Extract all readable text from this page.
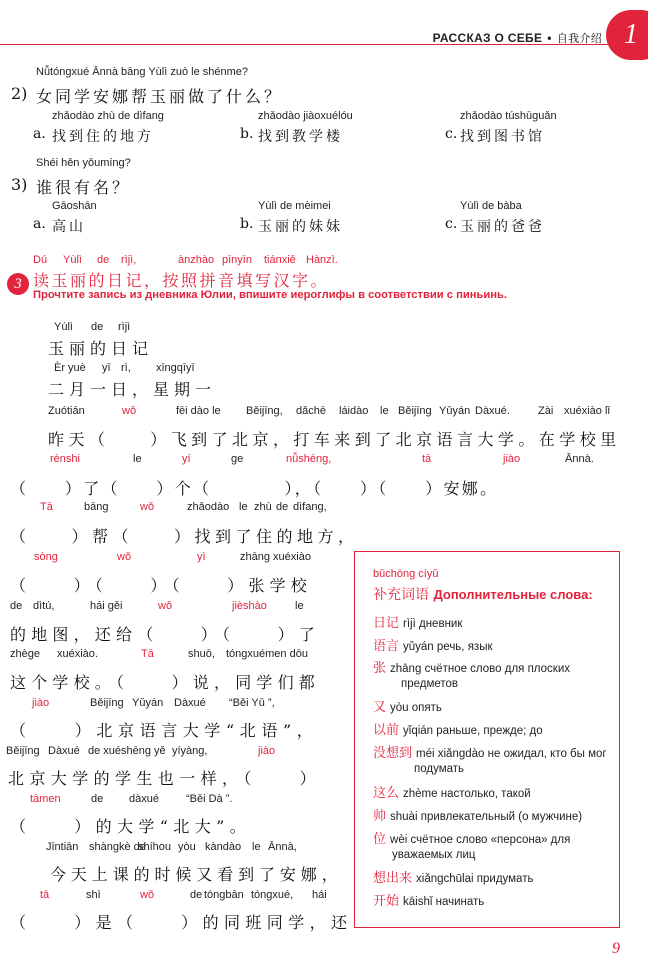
РАССКАЗ О СЕБЕ • 自我介绍 1
Nǚtóngxué Ānnà bāng Yùlì zuò le shénme?
2) 女同学安娜帮玉丽做了什么？
zhǎodào zhù de dìfang
a. 找到住的地方
zhǎodào jiàoxuélóu
b. 找到教学楼
zhǎodào túshūguǎn
c. 找到图书馆
Shéi hěn yǒumíng?
3) 谁很有名？
Gāoshān
a. 高山
Yùlì de mèimei
b. 玉丽的妹妹
Yùlì de bàba
c. 玉丽的爸爸
3
Dú Yùlì de rìjì,	ànzhào pīnyīn tiánxiě Hànzì.
读玉丽的日记，按照拼音填写汉字。
Прочтите запись из дневника Юлии, впишите иероглифы в соответствии с пиньинь.
Yùlì de rìjì
玉丽的日记
Èr yuè yī rì, xīngqīyī
二月一日，星期一
Zuótiān	wǒ	fēi dào le Běijīng, dǎchē láidào le Běijīng Yǔyán Dàxué.	Zài xuéxiào lǐ
昨天（　　）飞到了北京，打车来到了北京语言大学。在学校里
rènshi	le	yí	ge	nǚshēng,	tā	jiào	Ānnà.
（　　）了（　　）个（　　　　），（　　）（　　）安娜。
Tā	bāng	wǒ	zhǎodào le zhù de dìfang,
（　　）帮（　　）找到了住的地方，
sòng	wǒ	yì	zhāng xuéxiào
（　　）（　　）（　　）张学校
de dìtú,	hái gěi	wǒ	jièshào	le
的地图，还给（　　）（　　）了
zhège xuéxiào.	Tā	shuō, tóngxuémen dōu
这个学校。（　　）说，同学们都
jiào	Běijīng Yǔyán Dàxué “Běi Yǔ ”,
（　　）北京语言大学“北语”，
Běijīng Dàxué de xuéshēng yě yíyàng,	jiào
北京大学的学生也一样，（　　）
tāmen	de dàxué “Běi Dà ”.
（　　）的大学“北大”。
Jīntiān shàngkè de
shíhou yòu kàndào le Ānnà,
今天上课的时候又看到了安娜，
tā	shì	wǒ	de tóngbān tóngxué, hái
（　　）是（　　）的同班同学，还
bǔchōng cíyǔ
补充词语 Дополнительные слова:
日记 rìjì дневник
语言 yǔyán речь, язык
张 zhāng счётное слово для плоских предметов
又 yòu опять
以前 yǐqián раньше, прежде; до
没想到 méi xiǎngdào не ожидал, кто бы мог подумать
这么 zhème настолько, такой
帅 shuài привлекательный (о мужчине)
位 wèi счётное слово «персона» для уважаемых лиц
想出来 xiǎngchūlai придумать
开始 kāishǐ начинать
9
